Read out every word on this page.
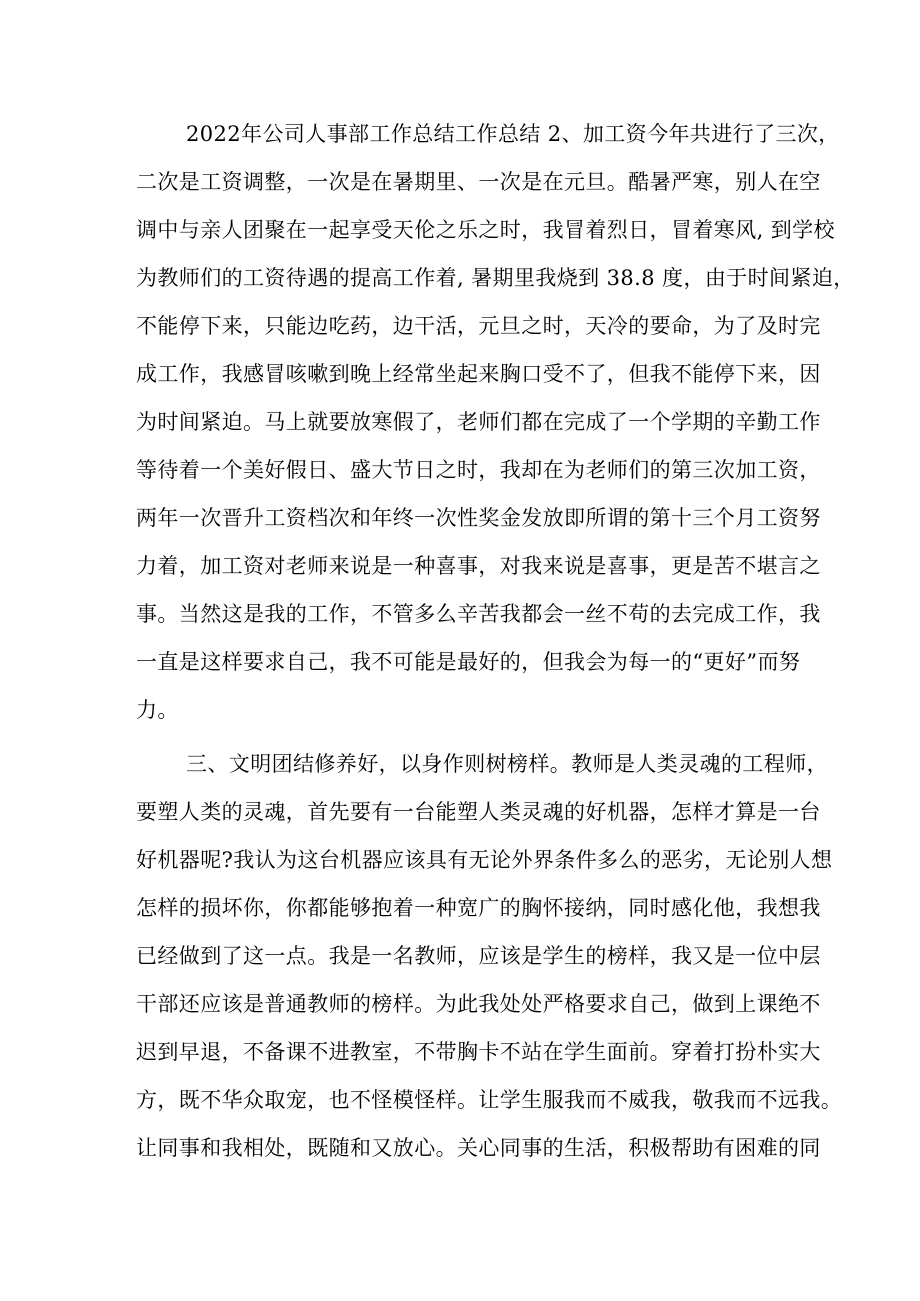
2022年公司人事部工作总结工作总结 2、加工资今年共进行了三次，
二次是工资调整，一次是在暑期里、一次是在元旦。酷暑严寒，别人在空
调中与亲人团聚在一起享受天伦之乐之时，我冒着烈日，冒着寒风, 到学校
为教师们的工资待遇的提高工作着, 暑期里我烧到 38.8 度，由于时间紧迫，
不能停下来，只能边吃药，边干活，元旦之时，天冷的要命，为了及时完
成工作，我感冒咳嗽到晚上经常坐起来胸口受不了，但我不能停下来，因
为时间紧迫。马上就要放寒假了，老师们都在完成了一个学期的辛勤工作
等待着一个美好假日、盛大节日之时，我却在为老师们的第三次加工资，
两年一次晋升工资档次和年终一次性奖金发放即所谓的第十三个月工资努
力着，加工资对老师来说是一种喜事，对我来说是喜事，更是苦不堪言之
事。当然这是我的工作，不管多么辛苦我都会一丝不苟的去完成工作，我
一直是这样要求自己，我不可能是最好的，但我会为每一的“更好”而努
力。
三、文明团结修养好，以身作则树榜样。教师是人类灵魂的工程师，
要塑人类的灵魂，首先要有一台能塑人类灵魂的好机器，怎样才算是一台
好机器呢?我认为这台机器应该具有无论外界条件多么的恶劣，无论别人想
怎样的损坏你，你都能够抱着一种宽广的胸怀接纳，同时感化他，我想我
已经做到了这一点。我是一名教师，应该是学生的榜样，我又是一位中层
干部还应该是普通教师的榜样。为此我处处严格要求自己，做到上课绝不
迟到早退，不备课不进教室，不带胸卡不站在学生面前。穿着打扮朴实大
方，既不华众取宠，也不怪模怪样。让学生服我而不威我，敬我而不远我。
让同事和我相处，既随和又放心。关心同事的生活，积极帮助有困难的同
